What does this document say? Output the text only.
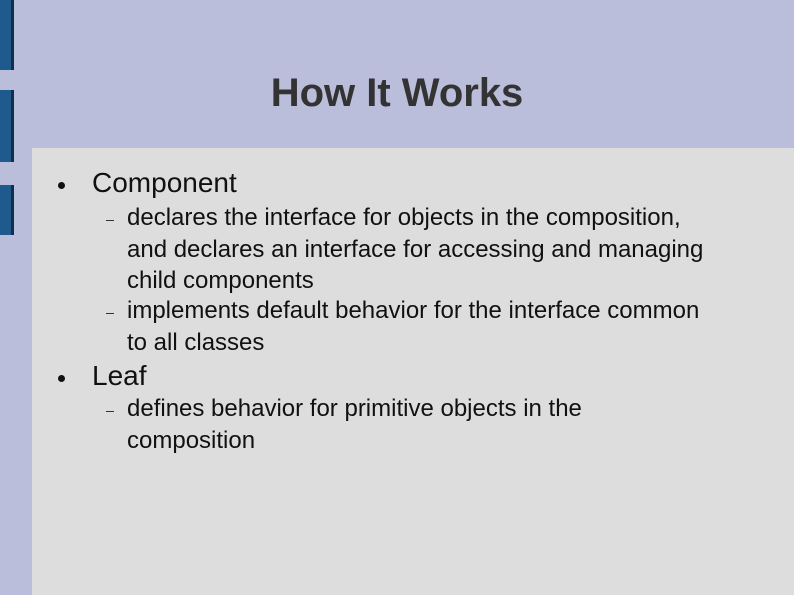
How It Works
Component
declares the interface for objects in the composition, and declares an interface for accessing and managing child components
implements default behavior for the interface common to all classes
Leaf
defines behavior for primitive objects in the composition
